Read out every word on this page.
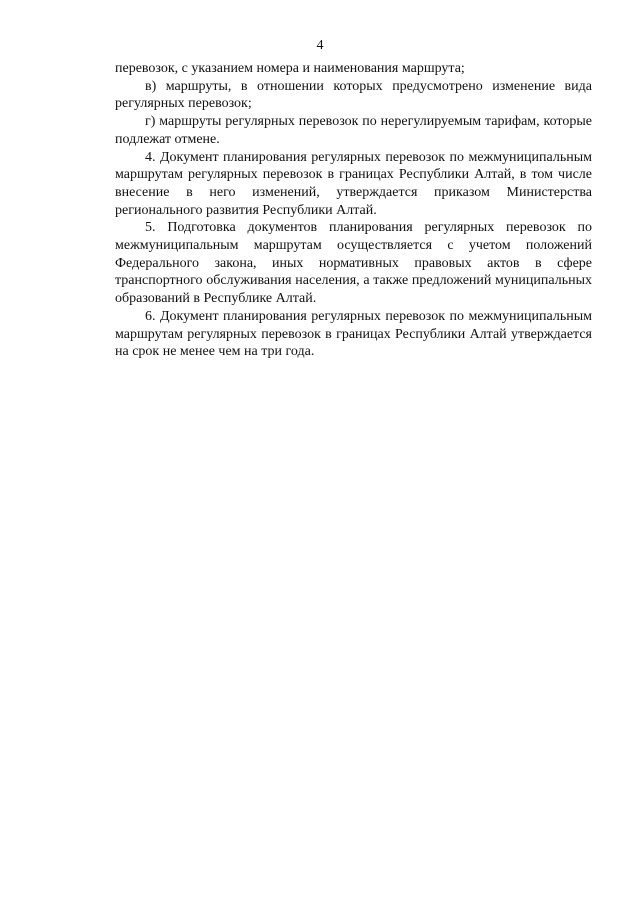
4

перевозок, с указанием номера и наименования маршрута;

в) маршруты, в отношении которых предусмотрено изменение вида регулярных перевозок;

г) маршруты регулярных перевозок по нерегулируемым тарифам, которые подлежат отмене.

4. Документ планирования регулярных перевозок по межмуниципальным маршрутам регулярных перевозок в границах Республики Алтай, в том числе внесение в него изменений, утверждается приказом Министерства регионального развития Республики Алтай.

5. Подготовка документов планирования регулярных перевозок по межмуниципальным маршрутам осуществляется с учетом положений Федерального закона, иных нормативных правовых актов в сфере транспортного обслуживания населения, а также предложений муниципальных образований в Республике Алтай.

6. Документ планирования регулярных перевозок по межмуниципальным маршрутам регулярных перевозок в границах Республики Алтай утверждается на срок не менее чем на три года.
